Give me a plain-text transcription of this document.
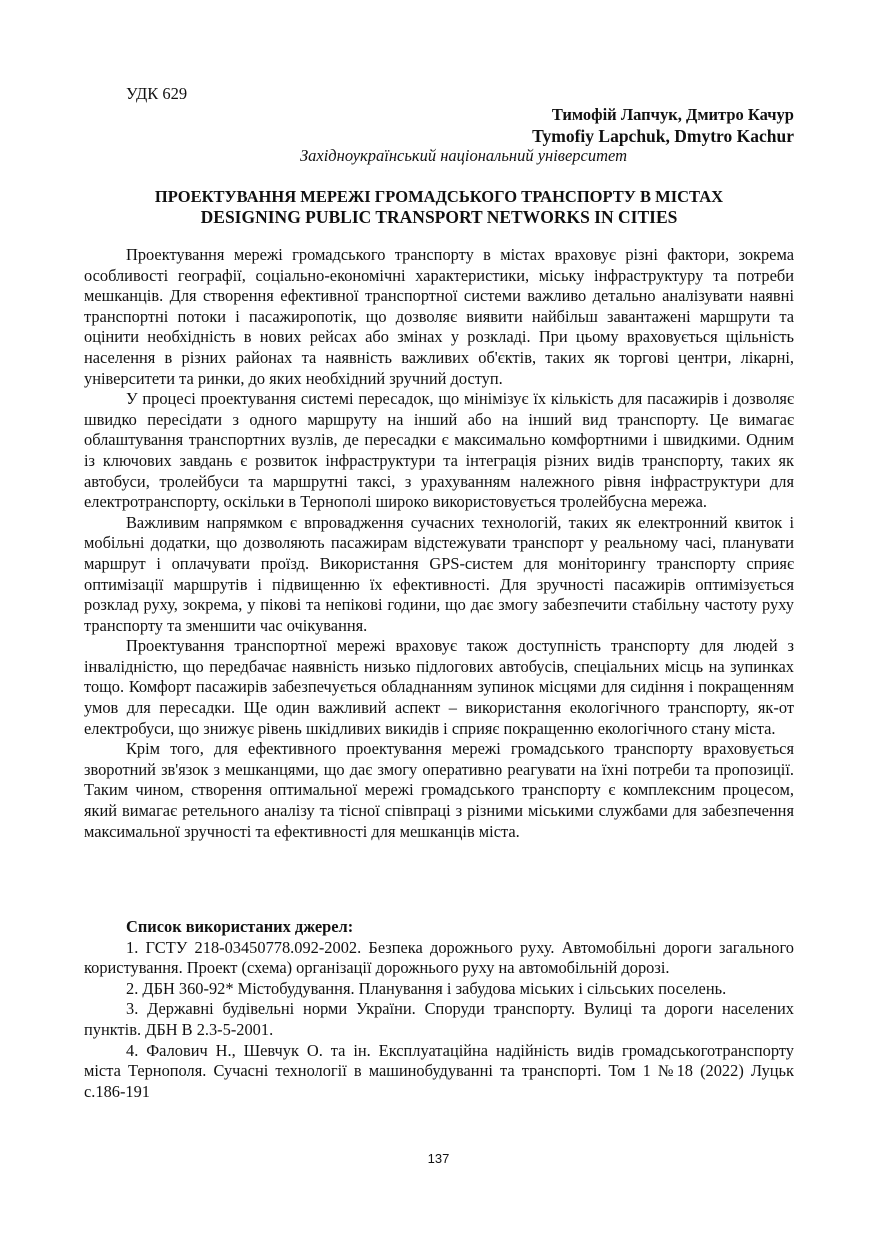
УДК 629
Тимофій Лапчук, Дмитро Качур
Tymofiy Lapchuk, Dmytro Kachur
Західноукраїнський національний університет
ПРОЕКТУВАННЯ МЕРЕЖІ ГРОМАДСЬКОГО ТРАНСПОРТУ В МІСТАХ
DESIGNING PUBLIC TRANSPORT NETWORKS IN CITIES

Проектування мережі громадського транспорту в містах враховує різні фактори, зокрема особливості географії, соціально-економічні характеристики, міську інфраструктуру та потреби мешканців. Для створення ефективної транспортної системи важливо детально аналізувати наявні транспортні потоки і пасажиропотік, що дозволяє виявити найбільш завантажені маршрути та оцінити необхідність в нових рейсах або змінах у розкладі. При цьому враховується щільність населення в різних районах та наявність важливих об'єктів, таких як торгові центри, лікарні, університети та ринки, до яких необхідний зручний доступ.

У процесі проектування системі пересадок, що мінімізує їх кількість для пасажирів і дозволяє швидко пересідати з одного маршруту на інший або на інший вид транспорту. Це вимагає облаштування транспортних вузлів, де пересадки є максимально комфортними і швидкими. Одним із ключових завдань є розвиток інфраструктури та інтеграція різних видів транспорту, таких як автобуси, тролейбуси та маршрутні таксі, з урахуванням належного рівня інфраструктури для електротранспорту, оскільки в Тернополі широко використовується тролейбусна мережа.

Важливим напрямком є впровадження сучасних технологій, таких як електронний квиток і мобільні додатки, що дозволяють пасажирам відстежувати транспорт у реальному часі, планувати маршрут і оплачувати проїзд. Використання GPS-систем для моніторингу транспорту сприяє оптимізації маршрутів і підвищенню їх ефективності. Для зручності пасажирів оптимізується розклад руху, зокрема, у пікові та непікові години, що дає змогу забезпечити стабільну частоту руху транспорту та зменшити час очікування.

Проектування транспортної мережі враховує також доступність транспорту для людей з інвалідністю, що передбачає наявність низько підлогових автобусів, спеціальних місць на зупинках тощо. Комфорт пасажирів забезпечується обладнанням зупинок місцями для сидіння і покращенням умов для пересадки. Ще один важливий аспект – використання екологічного транспорту, як-от електробуси, що знижує рівень шкідливих викидів і сприяє покращенню екологічного стану міста.

Крім того, для ефективного проектування мережі громадського транспорту враховується зворотний зв'язок з мешканцями, що дає змогу оперативно реагувати на їхні потреби та пропозиції. Таким чином, створення оптимальної мережі громадського транспорту є комплексним процесом, який вимагає ретельного аналізу та тісної співпраці з різними міськими службами для забезпечення максимальної зручності та ефективності для мешканців міста.

Список використаних джерел:

1. ГСТУ 218-03450778.092-2002. Безпека дорожнього руху. Автомобільні дороги загального користування. Проект (схема) організації дорожнього руху на автомобільній дорозі.

2. ДБН 360-92* Містобудування. Планування і забудова міських і сільських поселень.

3. Державні будівельні норми України. Споруди транспорту. Вулиці та дороги населених пунктів. ДБН В 2.3-5-2001.

4. Фалович Н., Шевчук О. та ін. Експлуатаційна надійність видів громадськоготранспорту міста Тернополя. Сучасні технології в машинобудуванні та транспорті. Том 1 №18 (2022) Луцьк с.186-191

137
